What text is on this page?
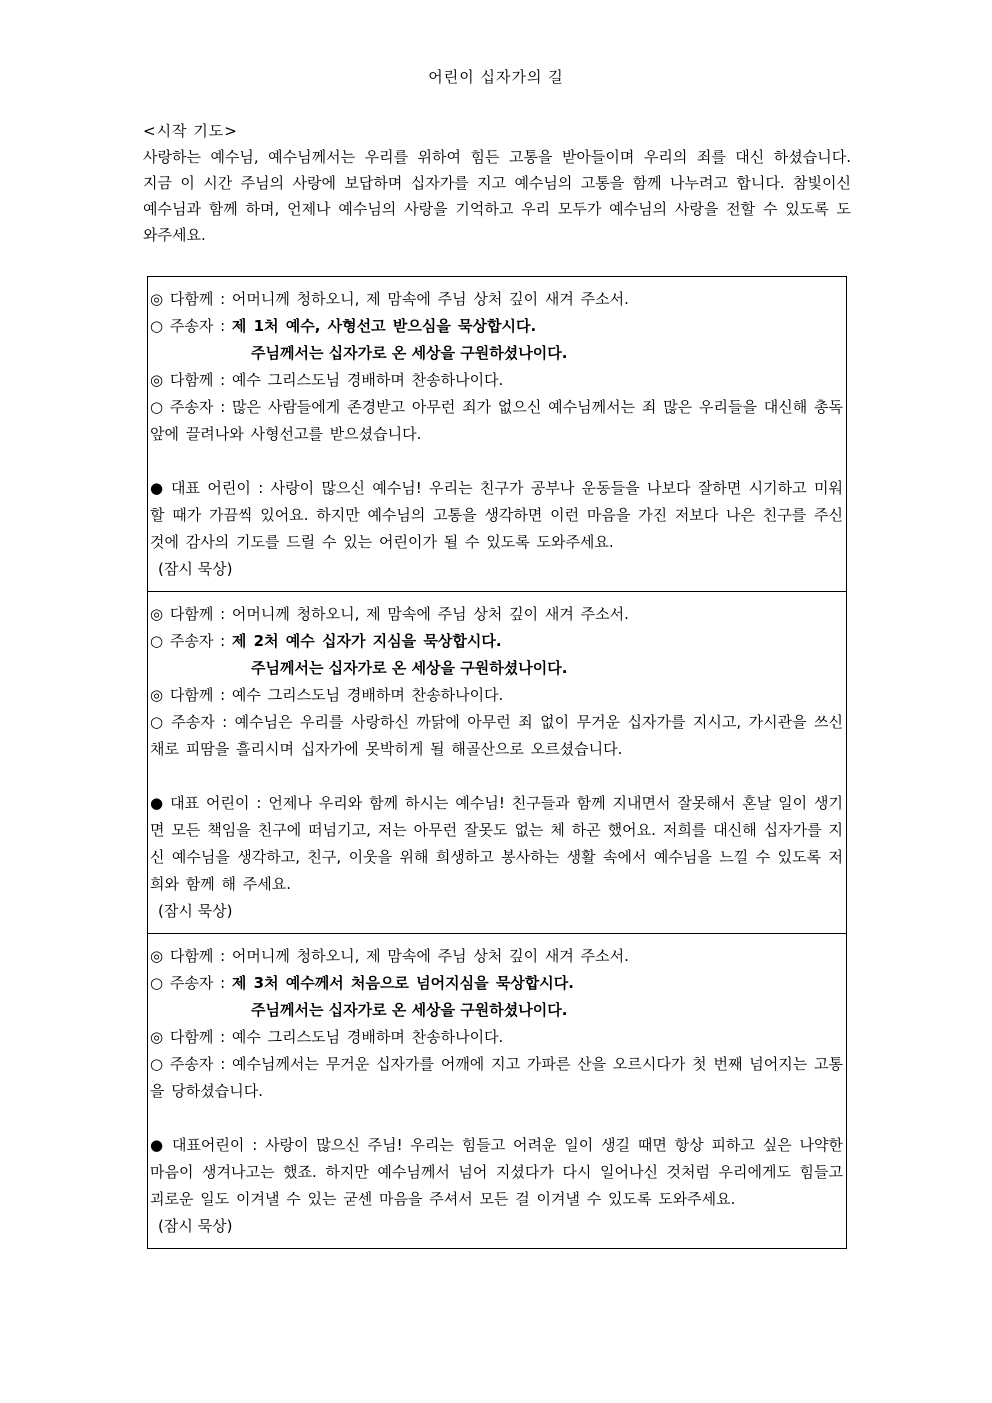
어린이 십자가의 길
<시작 기도>
사랑하는 예수님, 예수님께서는 우리를 위하여 힘든 고통을 받아들이며 우리의 죄를 대신 하셨습니다. 지금 이 시간 주님의 사랑에 보답하며 십자가를 지고 예수님의 고통을 함께 나누려고 합니다. 참빛이신 예수님과 함께 하며, 언제나 예수님의 사랑을 기억하고 우리 모두가 예수님의 사랑을 전할 수 있도록 도와주세요.
◎ 다함께 : 어머니께 청하오니, 제 맘속에 주님 상처 깊이 새겨 주소서.
○ 주송자 : 제 1처 예수, 사형선고 받으심을 묵상합시다.
주님께서는 십자가로 온 세상을 구원하셨나이다.
◎ 다함께 : 예수 그리스도님 경배하며 찬송하나이다.
○ 주송자 : 많은 사람들에게 존경받고 아무런 죄가 없으신 예수님께서는 죄 많은 우리들을 대신해 총독 앞에 끌려나와 사형선고를 받으셨습니다.
● 대표 어린이 : 사랑이 많으신 예수님! 우리는 친구가 공부나 운동들을 나보다 잘하면 시기하고 미워할 때가 가끔씩 있어요. 하지만 예수님의 고통을 생각하면 이런 마음을 가진 저보다 나은 친구를 주신 것에 감사의 기도를 드릴 수 있는 어린이가 될 수 있도록 도와주세요.
(잠시 묵상)
◎ 다함께 : 어머니께 청하오니, 제 맘속에 주님 상처 깊이 새겨 주소서.
○ 주송자 : 제 2처 예수 십자가 지심을 묵상합시다.
주님께서는 십자가로 온 세상을 구원하셨나이다.
◎ 다함께 : 예수 그리스도님 경배하며 찬송하나이다.
○ 주송자 : 예수님은 우리를 사랑하신 까닭에 아무런 죄 없이 무거운 십자가를 지시고, 가시관을 쓰신 채로 피땀을 흘리시며 십자가에 못박히게 될 해골산으로 오르셨습니다.
● 대표 어린이 : 언제나 우리와 함께 하시는 예수님! 친구들과 함께 지내면서 잘못해서 혼날 일이 생기면 모든 책임을 친구에 떠넘기고, 저는 아무런 잘못도 없는 체 하곤 했어요. 저희를 대신해 십자가를 지신 예수님을 생각하고, 친구, 이웃을 위해 희생하고 봉사하는 생활 속에서 예수님을 느낄 수 있도록 저희와 함께 해 주세요.
(잠시 묵상)
◎ 다함께 : 어머니께 청하오니, 제 맘속에 주님 상처 깊이 새겨 주소서.
○ 주송자 : 제 3처 예수께서 처음으로 넘어지심을 묵상합시다.
주님께서는 십자가로 온 세상을 구원하셨나이다.
◎ 다함께 : 예수 그리스도님 경배하며 찬송하나이다.
○ 주송자 : 예수님께서는 무거운 십자가를 어깨에 지고 가파른 산을 오르시다가 첫 번째 넘어지는 고통을 당하셨습니다.
● 대표어린이 : 사랑이 많으신 주님! 우리는 힘들고 어려운 일이 생길 때면 항상 피하고 싶은 나약한 마음이 생겨나고는 했죠. 하지만 예수님께서 넘어 지셨다가 다시 일어나신 것처럼 우리에게도 힘들고 괴로운 일도 이겨낼 수 있는 굳센 마음을 주셔서 모든 걸 이겨낼 수 있도록 도와주세요.
(잠시 묵상)
